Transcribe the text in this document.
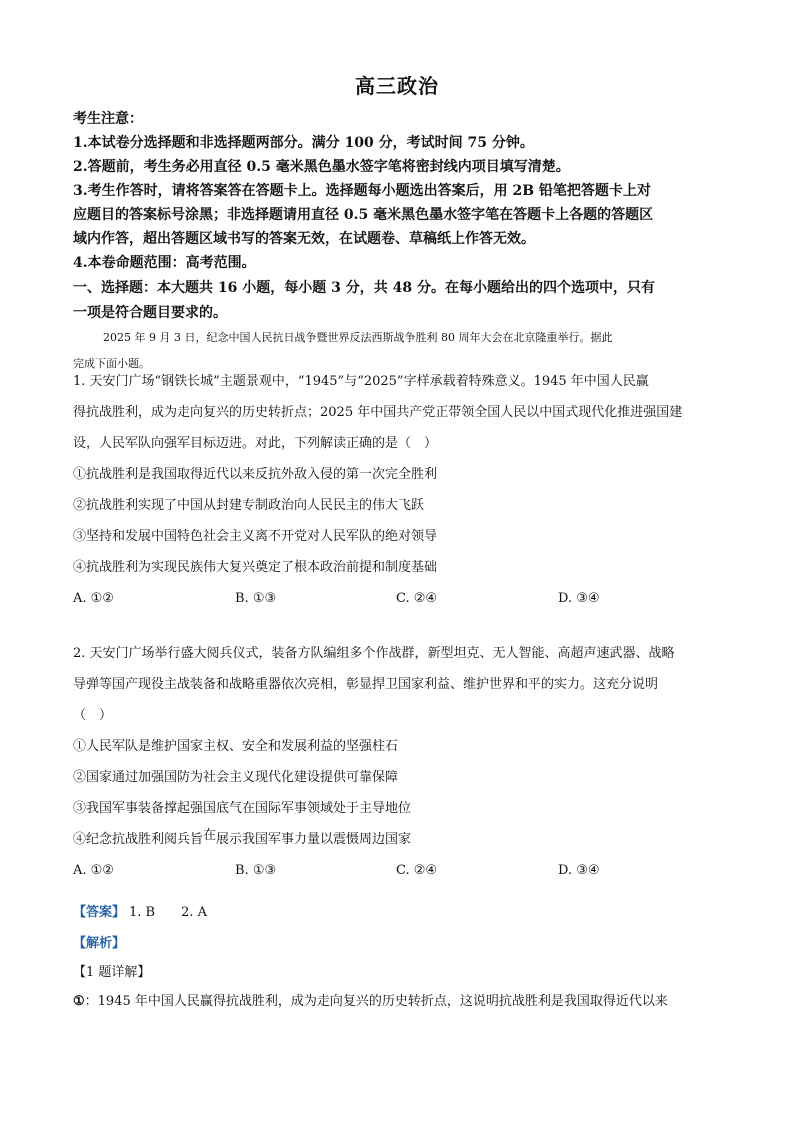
高三政治
考生注意：
1.本试卷分选择题和非选择题两部分。满分 100 分，考试时间 75 分钟。
2.答题前，考生务必用直径 0.5 毫米黑色墨水签字笔将密封线内项目填写清楚。
3.考生作答时，请将答案答在答题卡上。选择题每小题选出答案后，用 2B 铅笔把答题卡上对
应题目的答案标号涂黑；非选择题请用直径 0.5 毫米黑色墨水签字笔在答题卡上各题的答题区
域内作答，超出答题区域书写的答案无效，在试题卷、草稿纸上作答无效。
4.本卷命题范围：高考范围。
一、选择题：本大题共 16 小题，每小题 3 分，共 48 分。在每小题给出的四个选项中，只有
一项是符合题目要求的。
2025 年 9 月 3 日，纪念中国人民抗日战争暨世界反法西斯战争胜利 80 周年大会在北京隆重举行。据此
完成下面小题。
1. 天安门广场“钢铁长城”主题景观中，“1945”与“2025”字样承载着特殊意义。1945 年中国人民赢
得抗战胜利，成为走向复兴的历史转折点；2025 年中国共产党正带领全国人民以中国式现代化推进强国建
设，人民军队向强军目标迈进。对此，下列解读正确的是（　）
①抗战胜利是我国取得近代以来反抗外敌入侵的第一次完全胜利
②抗战胜利实现了中国从封建专制政治向人民民主的伟大飞跃
③坚持和发展中国特色社会主义离不开党对人民军队的绝对领导
④抗战胜利为实现民族伟大复兴奠定了根本政治前提和制度基础
A. ①②	B. ①③	C. ②④	D. ③④
2. 天安门广场举行盛大阅兵仪式，装备方队编组多个作战群，新型坦克、无人智能、高超声速武器、战略
导弹等国产现役主战装备和战略重器依次亮相，彰显捍卫国家利益、维护世界和平的实力。这充分说明
（　）
①人民军队是维护国家主权、安全和发展利益的坚强柱石
②国家通过加强国防为社会主义现代化建设提供可靠保障
③我国军事装备撑起强国底气在国际军事领域处于主导地位
④纪念抗战胜利阅兵旨在展示我国军事力量以震慑周边国家
A. ①②	B. ①③	C. ②④	D. ③④
【答案】 1. B 2. A
【解析】
【1 题详解】
①：1945 年中国人民赢得抗战胜利，成为走向复兴的历史转折点，这说明抗战胜利是我国取得近代以来
